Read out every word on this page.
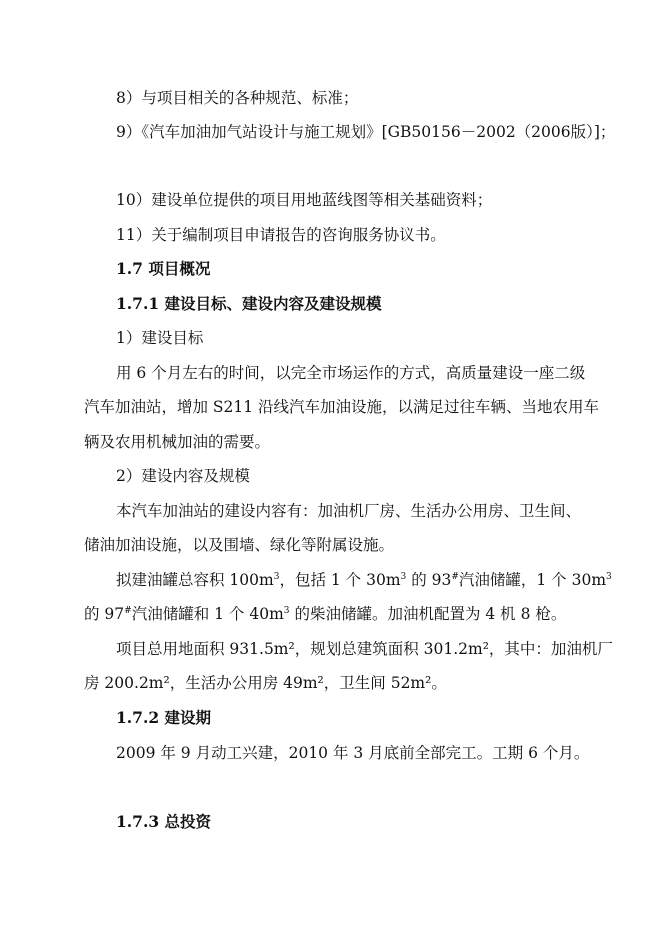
8）与项目相关的各种规范、标准；
9）《汽车加油加气站设计与施工规划》[GB50156－2002（2006版）]；
10）建设单位提供的项目用地蓝线图等相关基础资料；
11）关于编制项目申请报告的咨询服务协议书。
1.7 项目概况
1.7.1 建设目标、建设内容及建设规模
1）建设目标
用 6 个月左右的时间，以完全市场运作的方式，高质量建设一座二级
汽车加油站，增加 S211 沿线汽车加油设施，以满足过往车辆、当地农用车
辆及农用机械加油的需要。
2）建设内容及规模
本汽车加油站的建设内容有：加油机厂房、生活办公用房、卫生间、
储油加油设施，以及围墙、绿化等附属设施。
拟建油罐总容积 $100m^3$，包括 1 个 $30m^3$ 的 93#汽油储罐，1 个 $30m^3$
的 97#汽油储罐和 1 个 $40m^3$ 的柴油储罐。加油机配置为 4 机 8 枪。
项目总用地面积 931.5m²，规划总建筑面积 301.2m²，其中：加油机厂
房 200.2m²，生活办公用房 49m²，卫生间 52m²。
1.7.2 建设期
2009 年 9 月动工兴建，2010 年 3 月底前全部完工。工期 6 个月。
1.7.3 总投资
